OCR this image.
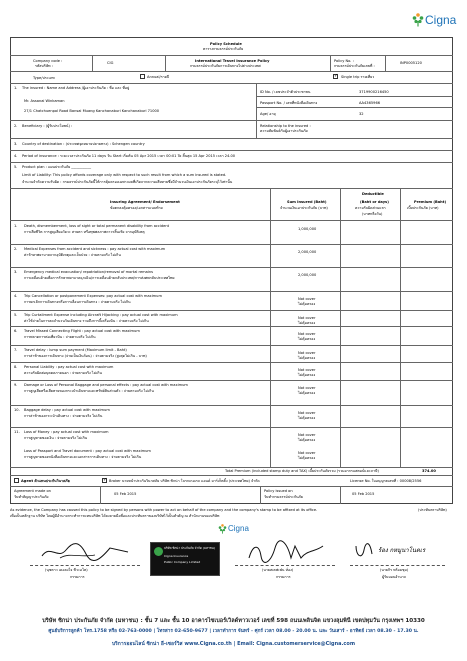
Cigna
Policy Schedule
ตารางกรมธรรม์ประกันภัย
Company code :
รหัสบริษัท :
CIG	International Travel Insurance Policy
กรมธรรม์ประกันภัยการเดินทางไปต่างประเทศ
Policy No. :
กรมธรรม์ประกันภัยเลขที่ :
INP0005120
Type/ประเภท	Annual/รายปี ✓	Single trip รายเที่ยว
1. The insured : Name and Address /ผู้เอาประกันภัย : ชื่อ และ ที่อยู่
Mr. Assanai Winkaman
27/1 Chatchuenpol Road Bansai Muang Kanchanaburi Kanchanaburi 71000
ID No. / เลขประจำตัวประชาชน	3719900216450
Passport No. / เลขที่หนังสือเดินทาง	AA4365966
Age/ อายุ	32
2. Beneficiary : (ผู้รับประโยชน์) :	Relationship to the insured :
ความสัมพันธ์กับผู้เอาประกันภัย
3. Country of destination : (ประเทศจุดหมายปลายทาง) : Schengen country
4. Period of insurance : ระยะเวลาประกันภัย 11 days วัน Start เริ่มต้น 05 Apr 2015 เวลา 00:01 To สิ้นสุด 15 Apr 2015 เวลา 24.00
5. Product plan : แผนประกันภัย ___________
Limit of Liability: This policy affords coverage only with respect to such result from which a sum insured is stated.
จำนวนจำกัดความรับผิด : กรมธรรม์ประกันภัยนี้ให้การคุ้มครองเฉพาะผลที่เกิดจากความเสียหายซึ่งมีจำนวนเงินเอาประกันภัยระบุไว้เท่านั้น
Insuring Agreement/ Endorsement
ข้อตกลงคุ้มครอง/เอกสารแนบท้าย
Sum Insured (Baht)
จำนวนเงินเอาประกันภัย (บาท)
Deductible
(Baht or days)
ความรับผิดส่วนแรก
(บาทหรือวัน)
Premium (Baht)
เบี้ยประกันภัย (บาท)
1. Death, dismemberment, loss of sight or total permanent disability from accident
การเสียชีวิต การสูญเสียอวัยวะ สายตา หรือทุพพลภาพถาวรสิ้นเชิง จากอุบัติเหตุ
1,000,000
2. Medical Expenses from accident and sickness : pay actual cost with maximum
ค่ารักษาพยาบาลจากอุบัติเหตุและเจ็บป่วย : จ่ายตามจริง ไม่เกิน
2,000,000
3. Emergency medical evacuation/ repatriation/removal of mortal remains
การเคลื่อนย้ายเพื่อการรักษาพยาบาลฉุกเฉิน/การเคลื่อนย้ายกลับประเทศ/การส่งศพกลับประเทศไทย
2,000,000
4. Trip Cancellation or postponement Expenses: pay actual cost with maximum
การยกเลิกการเดินทางหรือการเลื่อนการเดินทาง : จ่ายตามจริง ไม่เกิน
Not cover
ไม่คุ้มครอง
5. Trip Curtailment Expense including Aircraft Hijacking : pay actual cost with maximum
ค่าใช้จ่ายในการลดจำนวนวันเดินทาง รวมถึงการจี้เครื่องบิน : จ่ายตามจริง ไม่เกิน
Not cover
ไม่คุ้มครอง
6. Travel Missed Connecting Flight : pay actual cost with maximum
การพลาดการต่อเที่ยวบิน : จ่ายตามจริง ไม่เกิน
Not cover
ไม่คุ้มครอง
7. Travel delay : lump sum payment (Maximum limit - Baht)
การล่าช้าของการเดินทาง (จ่ายเป็นเงินก้อน) : จ่ายตามจริง (สูงสุดไม่เกิน - บาท)
Not cover
ไม่คุ้มครอง
8. Personal Liability : pay actual cost with maximum
ความรับผิดต่อบุคคลภายนอก : จ่ายตามจริง ไม่เกิน
Not cover
ไม่คุ้มครอง
9. Damage or Loss of Personal Baggage and personal effects : pay actual cost with maximum
การสูญเสียหรือเสียหายของกระเป๋าเดินทางและทรัพย์สินส่วนตัว : จ่ายตามจริง ไม่เกิน
Not cover
ไม่คุ้มครอง
10. Baggage delay : pay actual cost with maximum
การล่าช้าของกระเป๋าเดินทาง : จ่ายตามจริง ไม่เกิน
Not cover
ไม่คุ้มครอง
11. Loss of Money : pay actual cost with maximum
การสูญหายของเงิน : จ่ายตามจริง ไม่เกิน
Not cover
ไม่คุ้มครอง
Loss of Passport and Travel document : pay actual cost with maximum
การสูญหายของหนังสือเดินทางและเอกสารการเดินทาง : จ่ายตามจริง ไม่เกิน
Not cover
ไม่คุ้มครอง
Total Premium (included stamp duty and TAX) เบี้ยประกันภัยรวม (รวมอากรแสตมป์และภาษี)	374.00
Agent ตัวแทนประกันวินาศภัย ✓	Broker นายหน้าประกันวินาศภัย บริษัท ซิกน่า โบรกเกอเรจ แอนด์ มาร์เก็ตติ้ง (ประเทศไทย) จำกัด	License No. ใบอนุญาตเลขที่ : 00008/2556
Agreement made on
วันทำสัญญาประกันภัย
05 Feb 2015
Policy issued on
วันทำกรมธรรม์ประกันภัย
05 Feb 2015
As evidence, the Company has caused this policy to be signed by persons with power to act on behalf of the company and the company's stamp to be affixed at its office.	(ประทับตราบริษัท)
เพื่อเป็นหลักฐาน บริษัท โดยผู้มีอำนาจกระทำการแทนบริษัท ได้ลงลายมือชื่อและประทับตราของบริษัทไว้เป็นสำคัญ ณ สำนักงานของบริษัท
Cigna
(นุชตาว เดอลงใจ ชีวะอโต)
กรรมการ
บริษัท ซิกน่า ประกันภัย จำกัด (มหาชน)
Cigna Insurance
Public Company Limited
(นายสเตฟเฟ่น ห์อง)
กรรมการ
ร้อง กหมูนาโนดเร
(นายกิร พร้อมชุม)
ผู้รับมอบอำนาจ
บริษัท ซิกน่า ประกันภัย จำกัด (มหาชน) : ชั้น 7 และ ชั้น 10 อาคารไซเบอร์เวิลด์ทาวเวอร์ เลขที่ 598 ถนนเพลินจิต แขวงลุมพินี เขตปทุมวัน กรุงเทพฯ 10330
ศูนย์บริการลูกค้า โทร.1758 หรือ 02-763-0000 | โทรสาร 02-650-9677 | เวลาทำการ จันทร์ - ศุกร์ เวลา 08.00 - 20.00 น. และ วันเสาร์ - อาทิตย์ เวลา 08.30 - 17.30 น.
บริการออนไลน์ ซิกน่า อี-เซอร์วิส www.Cigna.co.th | Email: Cigna.customerservice@Cigna.com
